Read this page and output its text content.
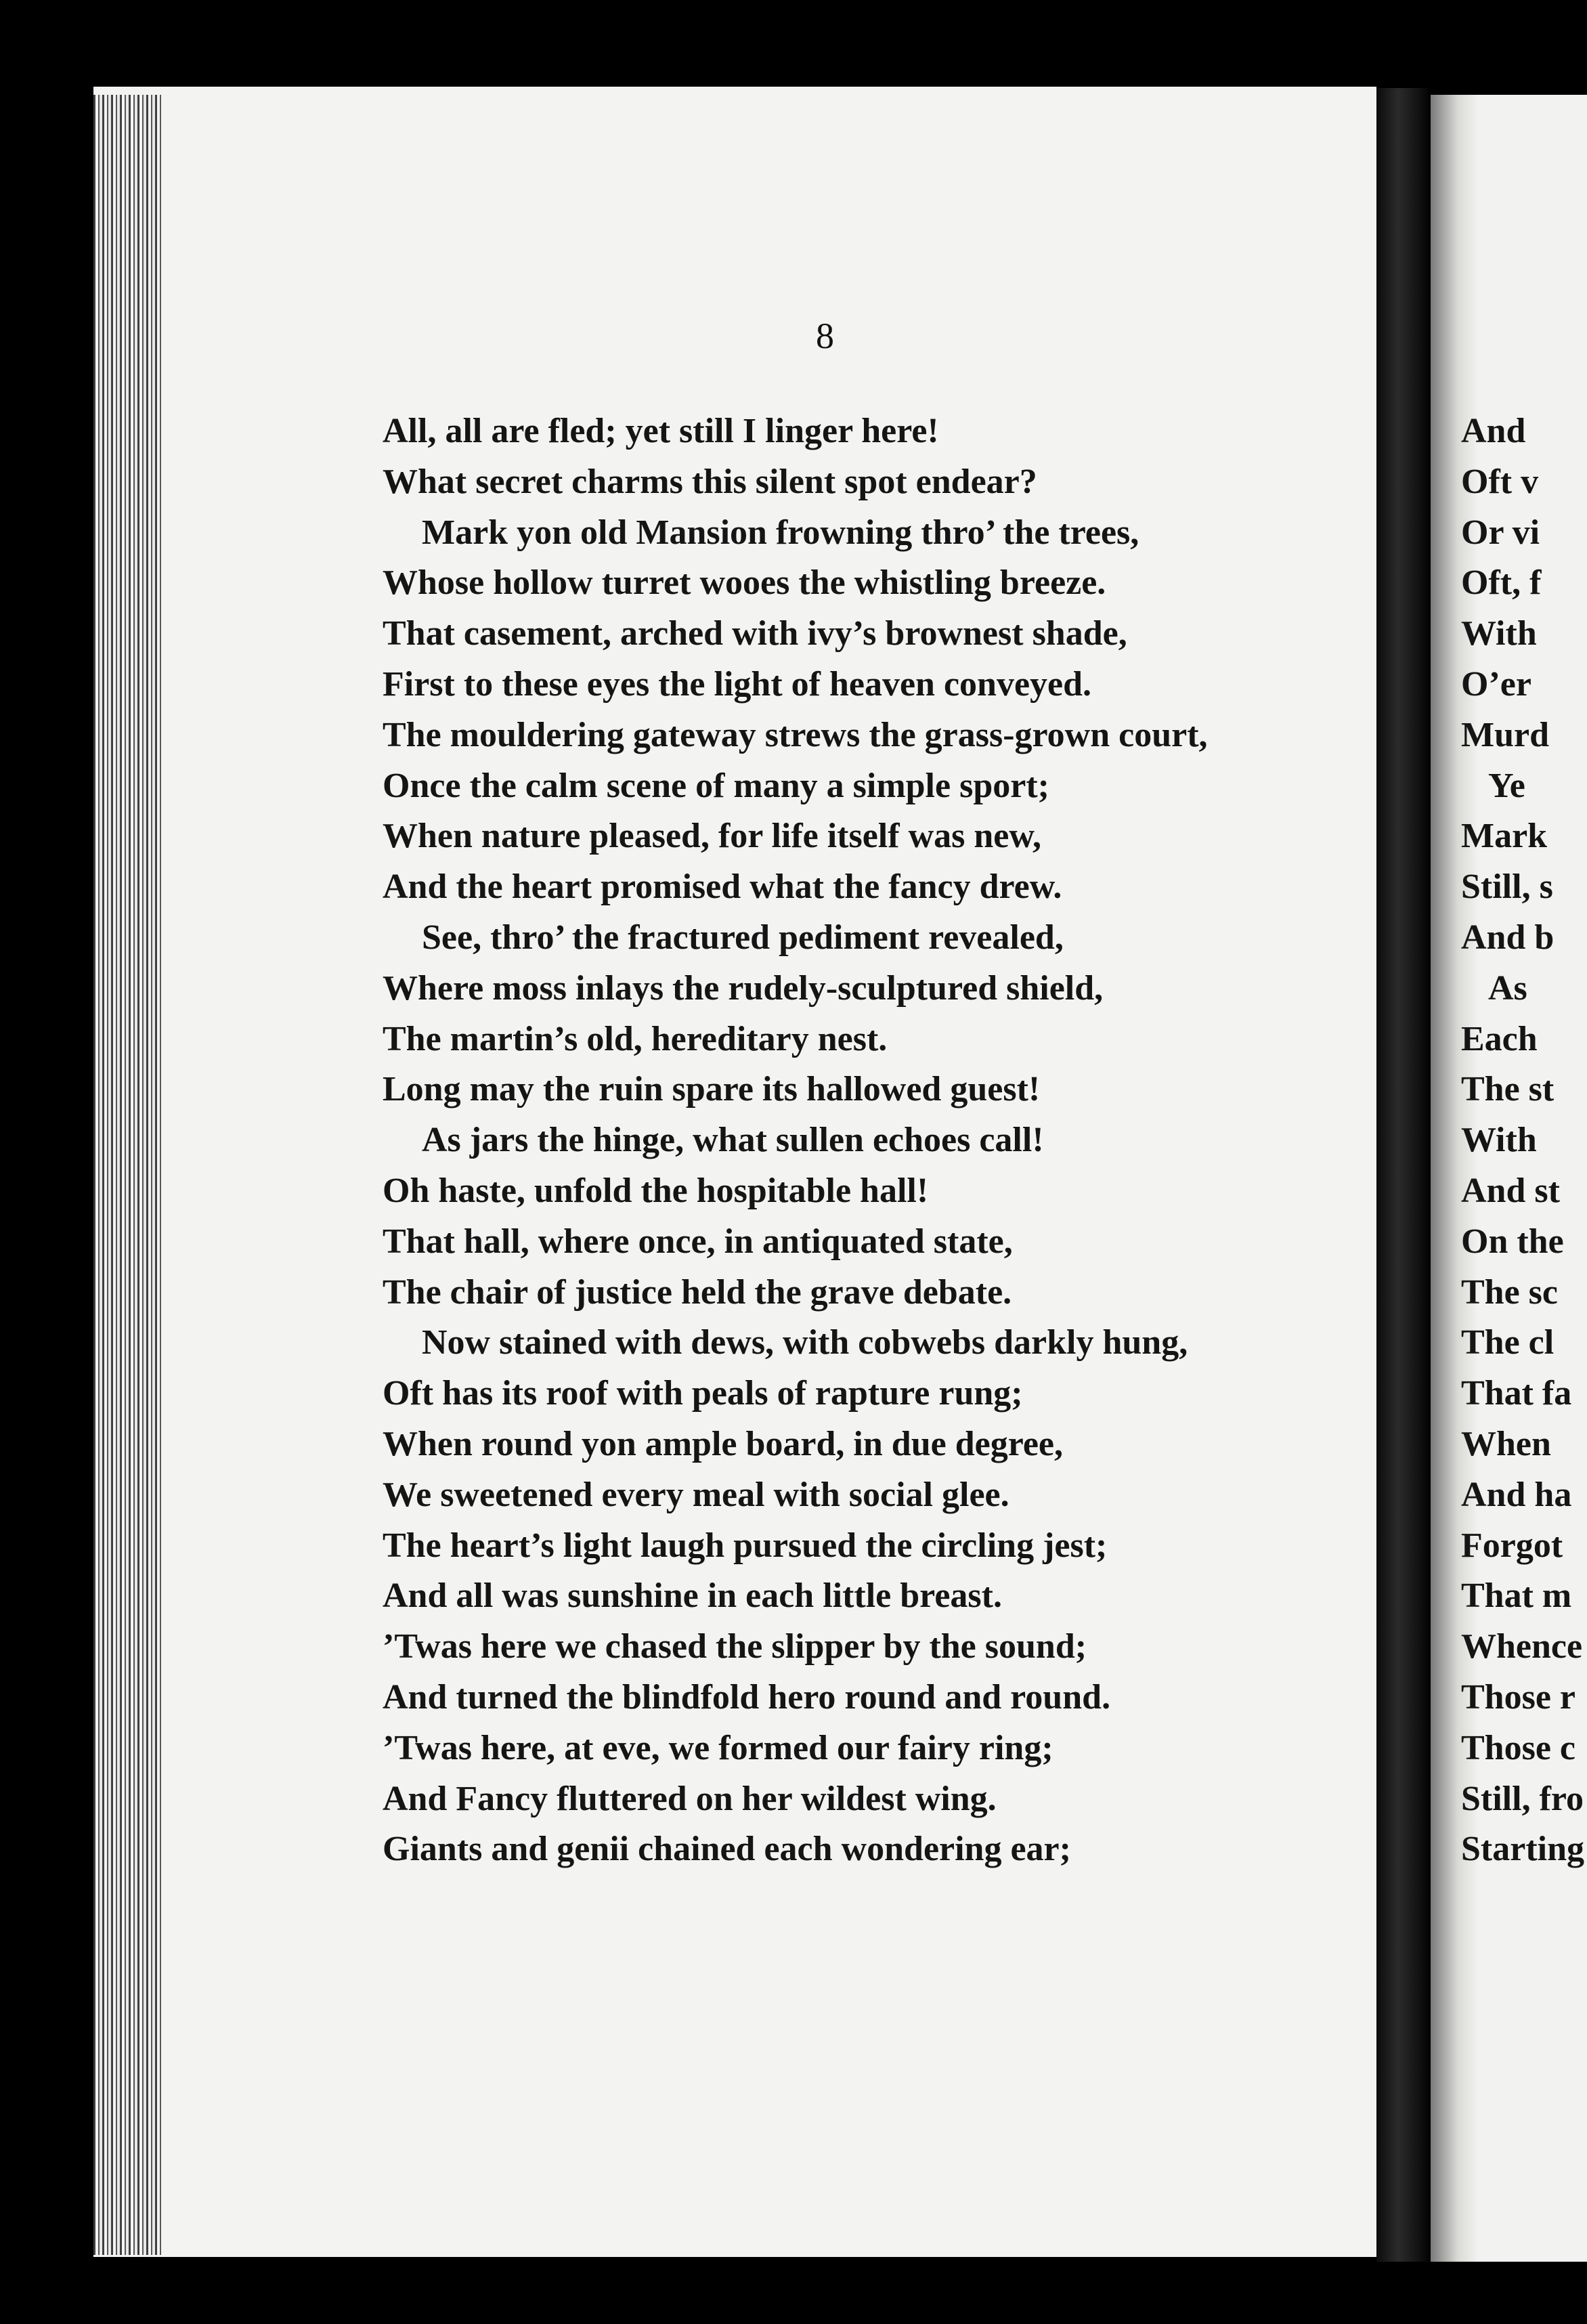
8
All, all are fled; yet still I linger here!
What secret charms this silent spot endear?
Mark yon old Mansion frowning thro’ the trees,
Whose hollow turret wooes the whistling breeze.
That casement, arched with ivy’s brownest shade,
First to these eyes the light of heaven conveyed.
The mouldering gateway strews the grass-grown court,
Once the calm scene of many a simple sport;
When nature pleased, for life itself was new,
And the heart promised what the fancy drew.
See, thro’ the fractured pediment revealed,
Where moss inlays the rudely-sculptured shield,
The martin’s old, hereditary nest.
Long may the ruin spare its hallowed guest!
As jars the hinge, what sullen echoes call!
Oh haste, unfold the hospitable hall!
That hall, where once, in antiquated state,
The chair of justice held the grave debate.
Now stained with dews, with cobwebs darkly hung,
Oft has its roof with peals of rapture rung;
When round yon ample board, in due degree,
We sweetened every meal with social glee.
The heart’s light laugh pursued the circling jest;
And all was sunshine in each little breast.
’Twas here we chased the slipper by the sound;
And turned the blindfold hero round and round.
’Twas here, at eve, we formed our fairy ring;
And Fancy fluttered on her wildest wing.
Giants and genii chained each wondering ear;
And
Oft v
Or vi
Oft, f
With
O’er
Murd
Ye
Mark
Still, s
And b
As
Each
The st
With
And st
On the
The sc
The cl
That fa
When
And ha
Forgot
That m
Whence
Those r
Those c
Still, fro
Starting
